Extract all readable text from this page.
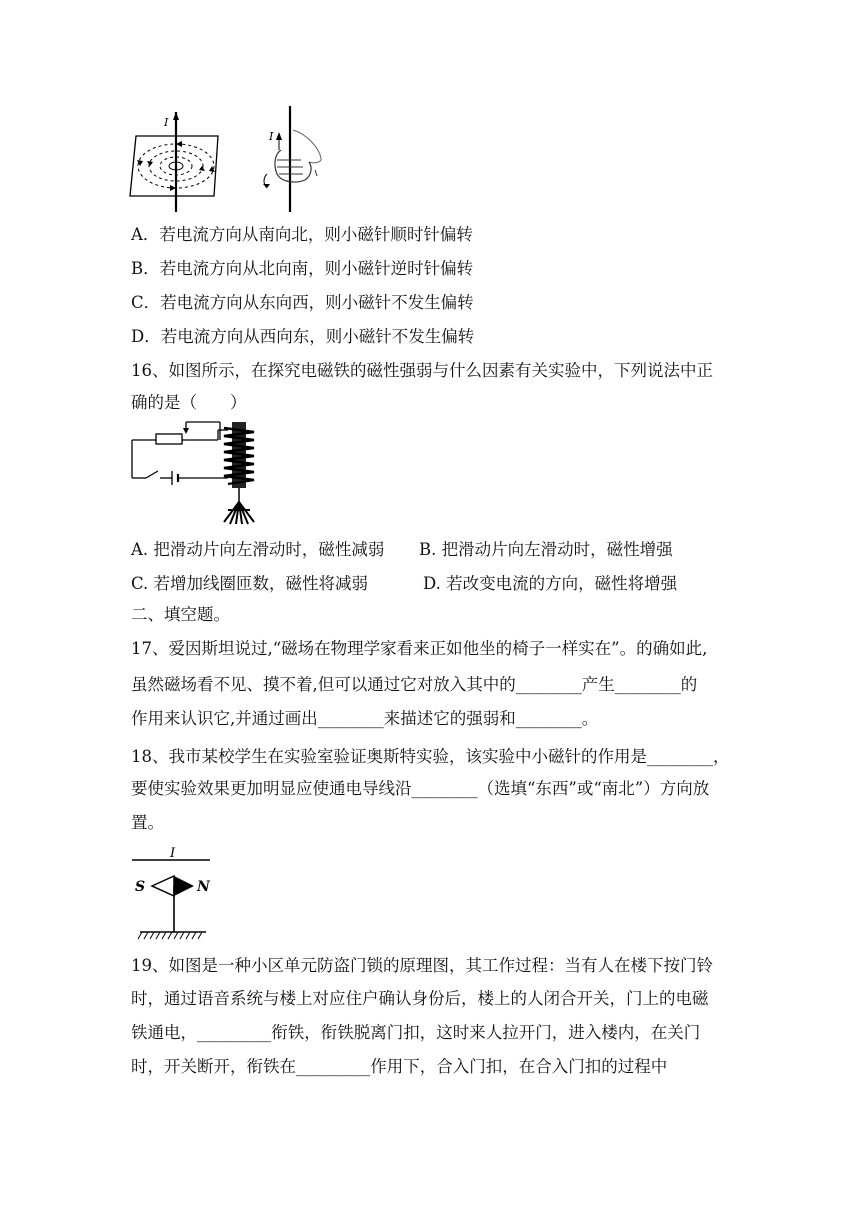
I
I
A．若电流方向从南向北，则小磁针顺时针偏转
B．若电流方向从北向南，则小磁针逆时针偏转
C．若电流方向从东向西，则小磁针不发生偏转
D．若电流方向从西向东，则小磁针不发生偏转
16、如图所示，在探究电磁铁的磁性强弱与什么因素有关实验中，下列说法中正
确的是（　　）
A. 把滑动片向左滑动时，磁性减弱 B. 把滑动片向左滑动时，磁性增强
C. 若增加线圈匝数，磁性将减弱	D. 若改变电流的方向，磁性将增强
二、填空题。
17、爱因斯坦说过,“磁场在物理学家看来正如他坐的椅子一样实在”。的确如此,
虽然磁场看不见、摸不着,但可以通过它对放入其中的________产生________的
作用来认识它,并通过画出________来描述它的强弱和________。
18、我市某校学生在实验室验证奥斯特实验，该实验中小磁针的作用是________，
要使实验效果更加明显应使通电导线沿________（选填“东西”或“南北”）方向放
置。
I
S	N
19、如图是一种小区单元防盗门锁的原理图，其工作过程：当有人在楼下按门铃
时，通过语音系统与楼上对应住户确认身份后，楼上的人闭合开关，门上的电磁
铁通电，_________衔铁，衔铁脱离门扣，这时来人拉开门，进入楼内，在关门
时，开关断开，衔铁在_________作用下，合入门扣，在合入门扣的过程中
